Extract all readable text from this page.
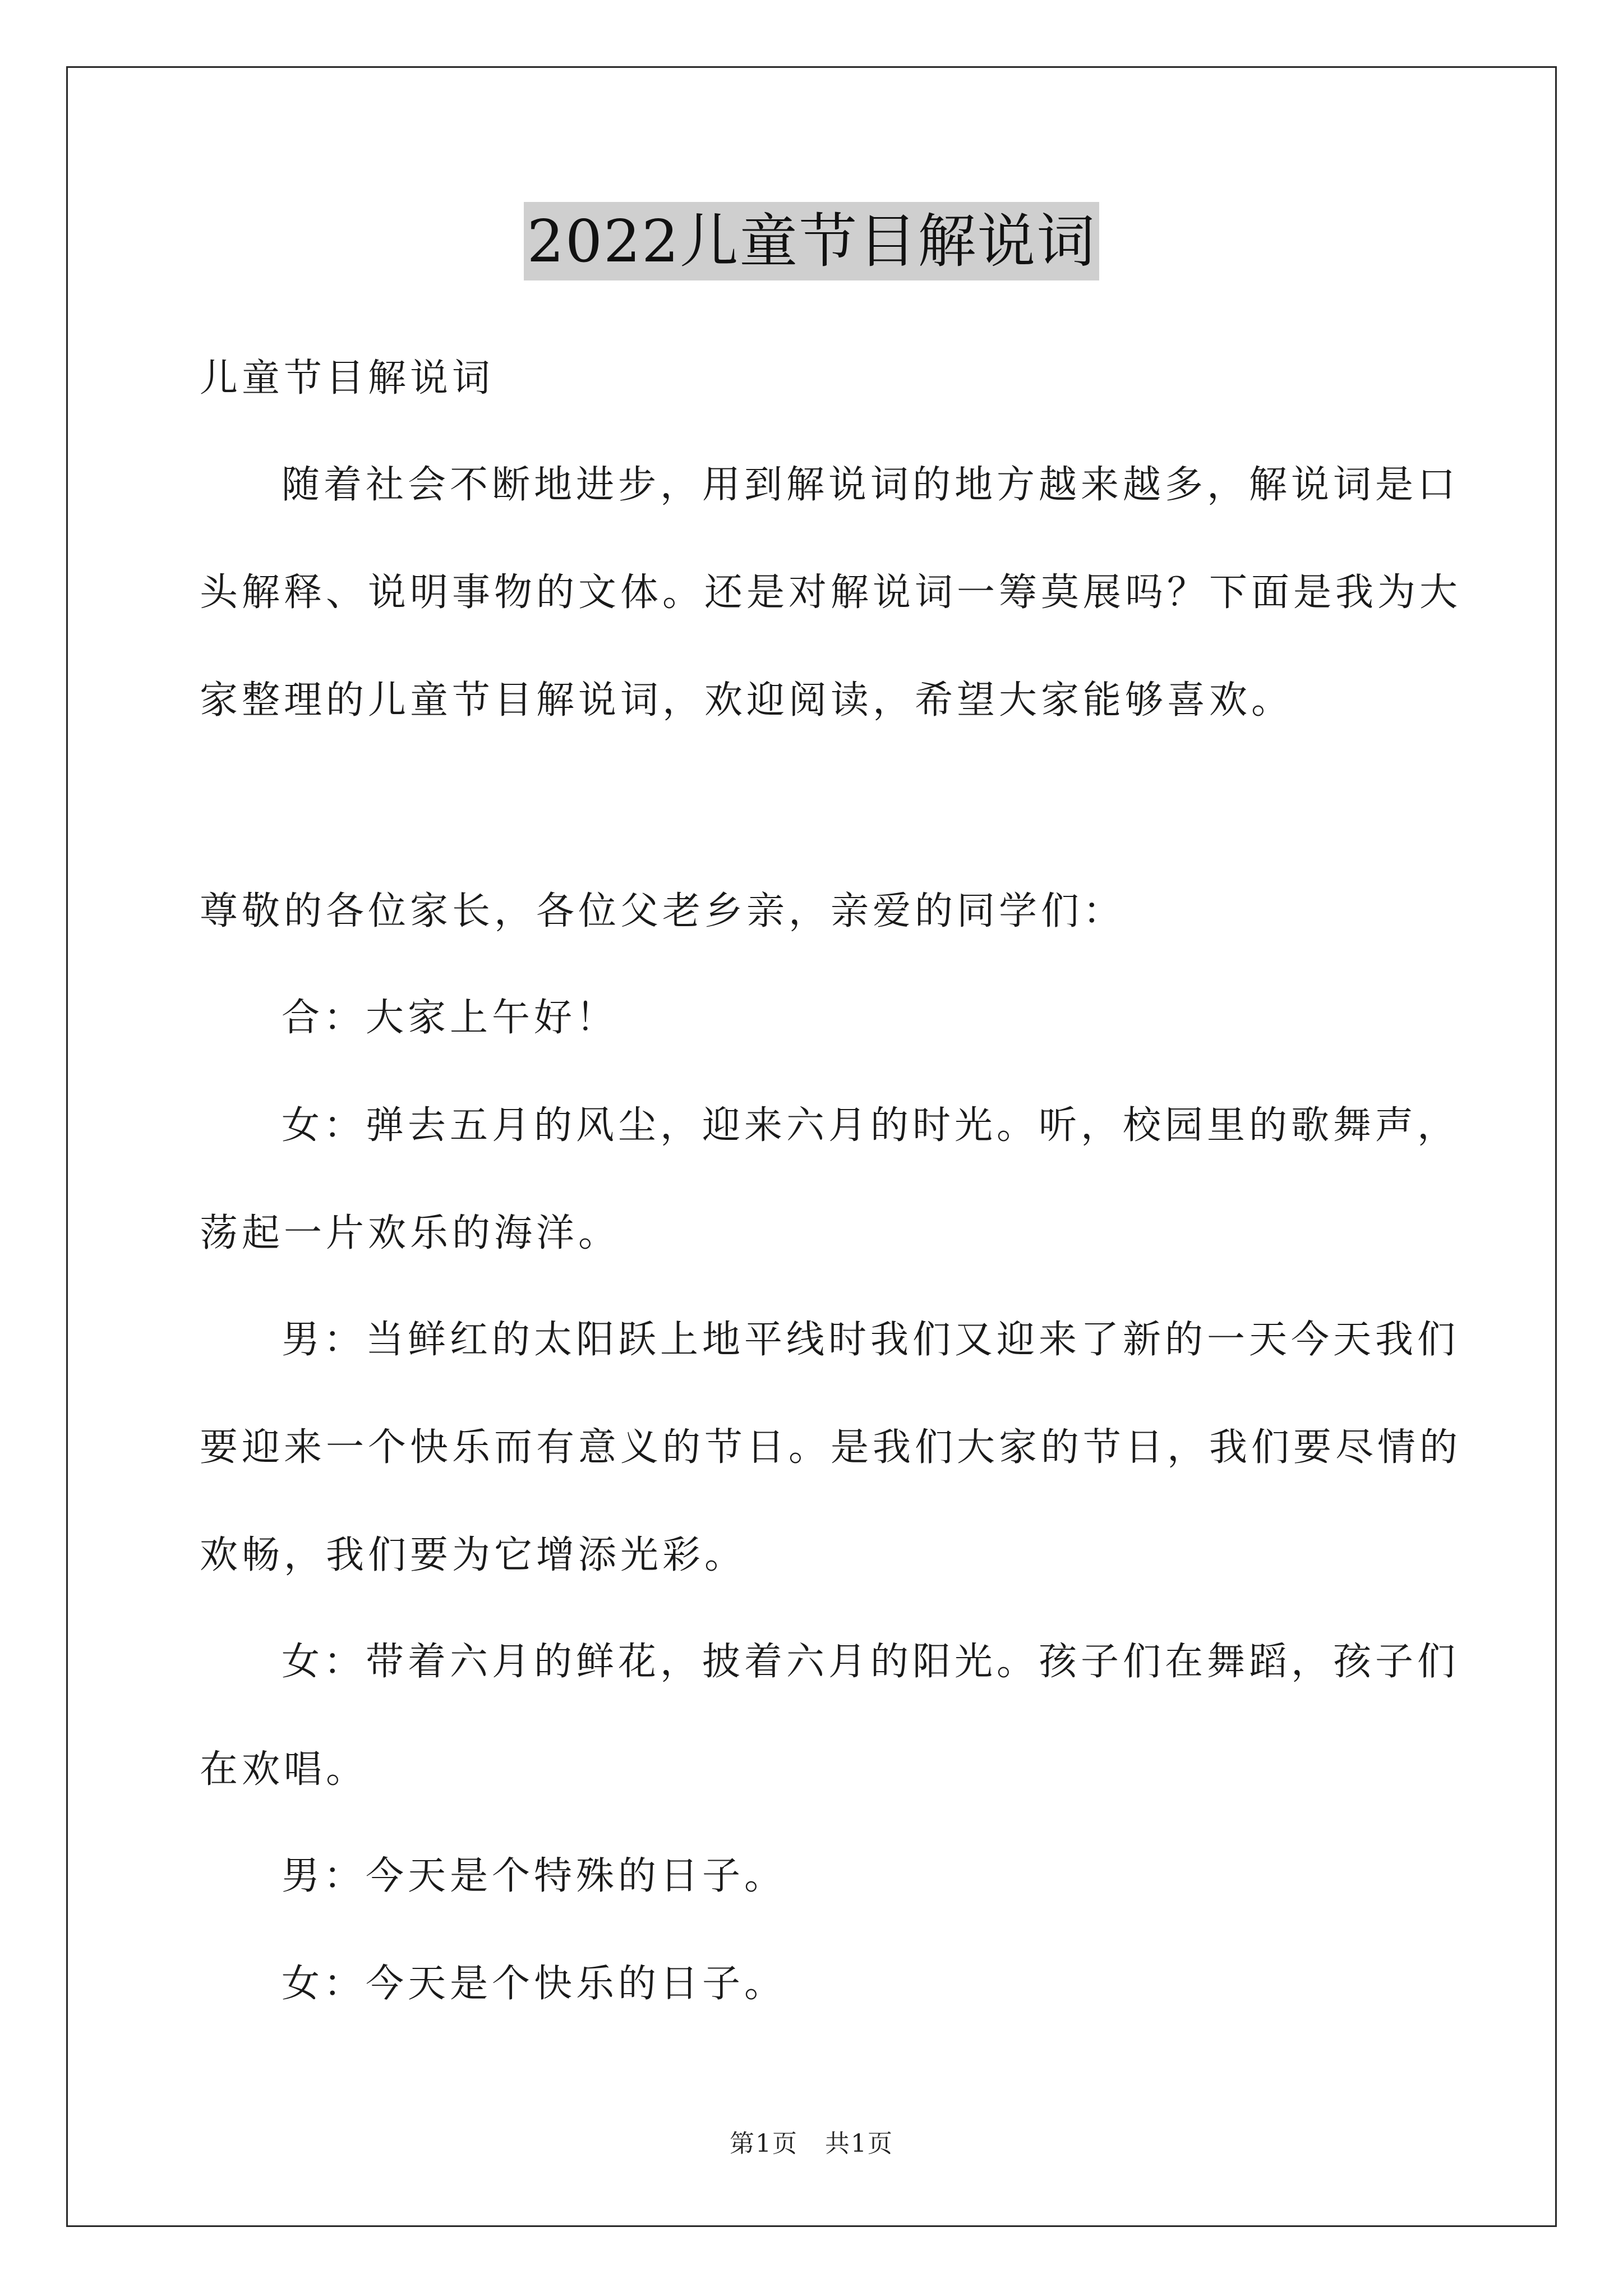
2022儿童节目解说词
儿童节目解说词
随着社会不断地进步，用到解说词的地方越来越多，解说词是口
头解释、说明事物的文体。还是对解说词一筹莫展吗？下面是我为大
家整理的儿童节目解说词，欢迎阅读，希望大家能够喜欢。
尊敬的各位家长，各位父老乡亲，亲爱的同学们：
合：大家上午好！
女：弹去五月的风尘，迎来六月的时光。听，校园里的歌舞声，
荡起一片欢乐的海洋。
男：当鲜红的太阳跃上地平线时我们又迎来了新的一天今天我们
要迎来一个快乐而有意义的节日。是我们大家的节日，我们要尽情的
欢畅，我们要为它增添光彩。
女：带着六月的鲜花，披着六月的阳光。孩子们在舞蹈，孩子们
在欢唱。
男：今天是个特殊的日子。
女：今天是个快乐的日子。
第1页 共1页
